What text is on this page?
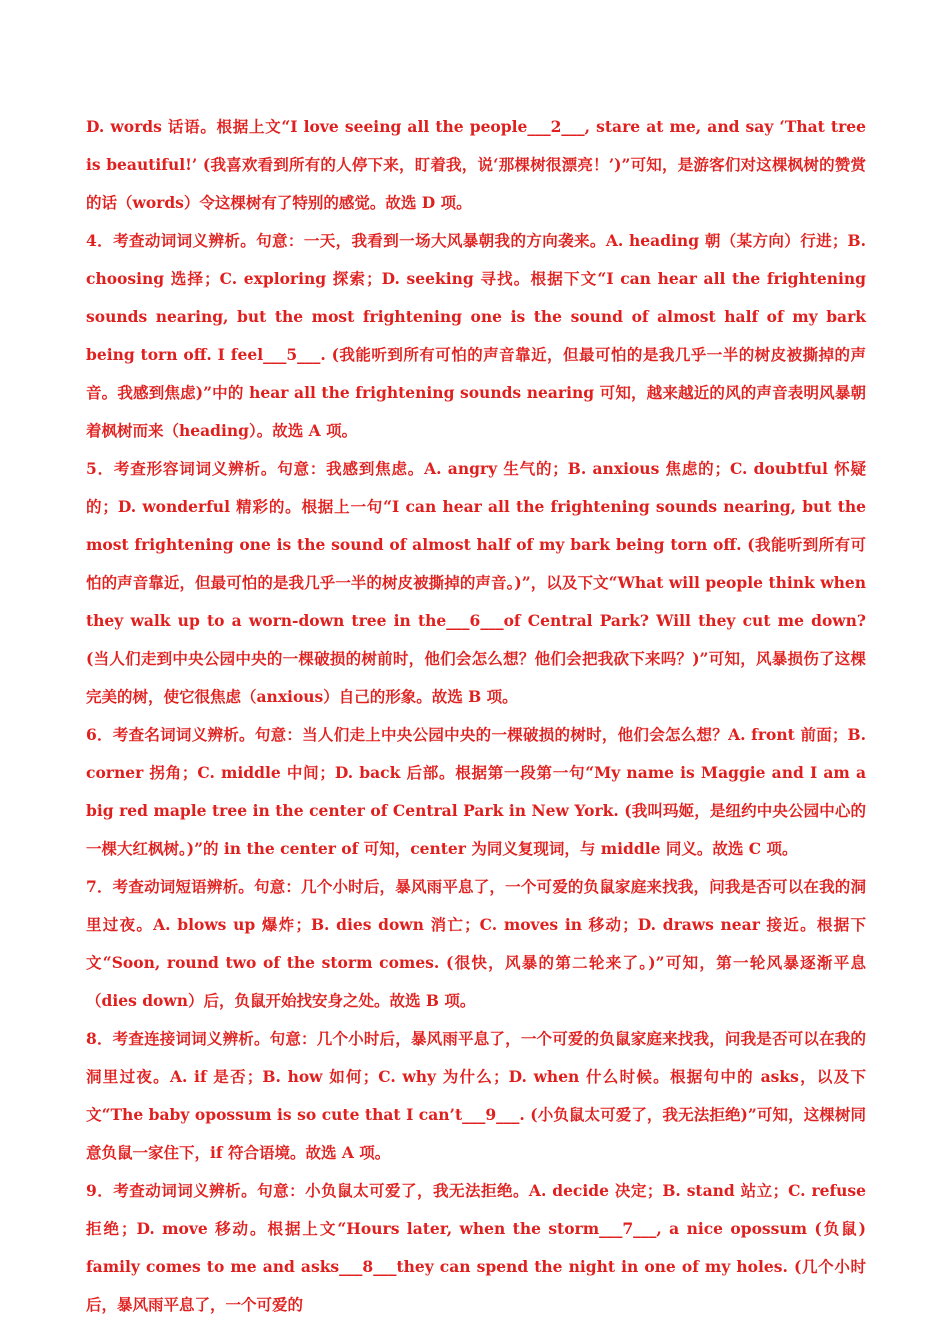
D. words 话语。根据上文“I love seeing all the people___2___, stare at me, and say ‘That tree is beautiful!’ (我喜欢看到所有的人停下来，盯着我，说‘那棵树很漂亮！’)”可知，是游客们对这棵枫树的赞赏的话（words）令这棵树有了特别的感觉。故选 D 项。

4．考查动词词义辨析。句意：一天，我看到一场大风暴朝我的方向袭来。A. heading 朝（某方向）行进；B. choosing 选择；C. exploring 探索；D. seeking 寻找。根据下文“I can hear all the frightening sounds nearing, but the most frightening one is the sound of almost half of my bark being torn off. I feel___5___. (我能听到所有可怕的声音靠近，但最可怕的是我几乎一半的树皮被撕掉的声音。我感到焦虑)”中的 hear all the frightening sounds nearing 可知，越来越近的风的声音表明风暴朝着枫树而来（heading）。故选 A 项。

5．考查形容词词义辨析。句意：我感到焦虑。A. angry 生气的；B. anxious 焦虑的；C. doubtful 怀疑的；D. wonderful 精彩的。根据上一句“I can hear all the frightening sounds nearing, but the most frightening one is the sound of almost half of my bark being torn off. (我能听到所有可怕的声音靠近，但最可怕的是我几乎一半的树皮被撕掉的声音。)”，以及下文“What will people think when they walk up to a worn-down tree in the___6___of Central Park? Will they cut me down? (当人们走到中央公园中央的一棵破损的树前时，他们会怎么想？他们会把我砍下来吗？)”可知，风暴损伤了这棵完美的树，使它很焦虑（anxious）自己的形象。故选 B 项。

6．考查名词词义辨析。句意：当人们走上中央公园中央的一棵破损的树时，他们会怎么想？A. front 前面；B. corner 拐角；C. middle 中间；D. back 后部。根据第一段第一句“My name is Maggie and I am a big red maple tree in the center of Central Park in New York. (我叫玛姬，是纽约中央公园中心的一棵大红枫树。)”的 in the center of 可知，center 为同义复现词，与 middle 同义。故选 C 项。

7．考查动词短语辨析。句意：几个小时后，暴风雨平息了，一个可爱的负鼠家庭来找我，问我是否可以在我的洞里过夜。A. blows up 爆炸；B. dies down 消亡；C. moves in 移动；D. draws near 接近。根据下文“Soon, round two of the storm comes. (很快，风暴的第二轮来了。)”可知，第一轮风暴逐渐平息（dies down）后，负鼠开始找安身之处。故选 B 项。

8．考查连接词词义辨析。句意：几个小时后，暴风雨平息了，一个可爱的负鼠家庭来找我，问我是否可以在我的洞里过夜。A. if 是否；B. how 如何；C. why 为什么；D. when 什么时候。根据句中的 asks，以及下文“The baby opossum is so cute that I can’t___9___. (小负鼠太可爱了，我无法拒绝)”可知，这棵树同意负鼠一家住下，if 符合语境。故选 A 项。

9．考查动词词义辨析。句意：小负鼠太可爱了，我无法拒绝。A. decide 决定；B. stand 站立；C. refuse 拒绝；D. move 移动。根据上文“Hours later, when the storm___7___, a nice opossum (负鼠) family comes to me and asks___8___they can spend the night in one of my holes. (几个小时后，暴风雨平息了，一个可爱的
